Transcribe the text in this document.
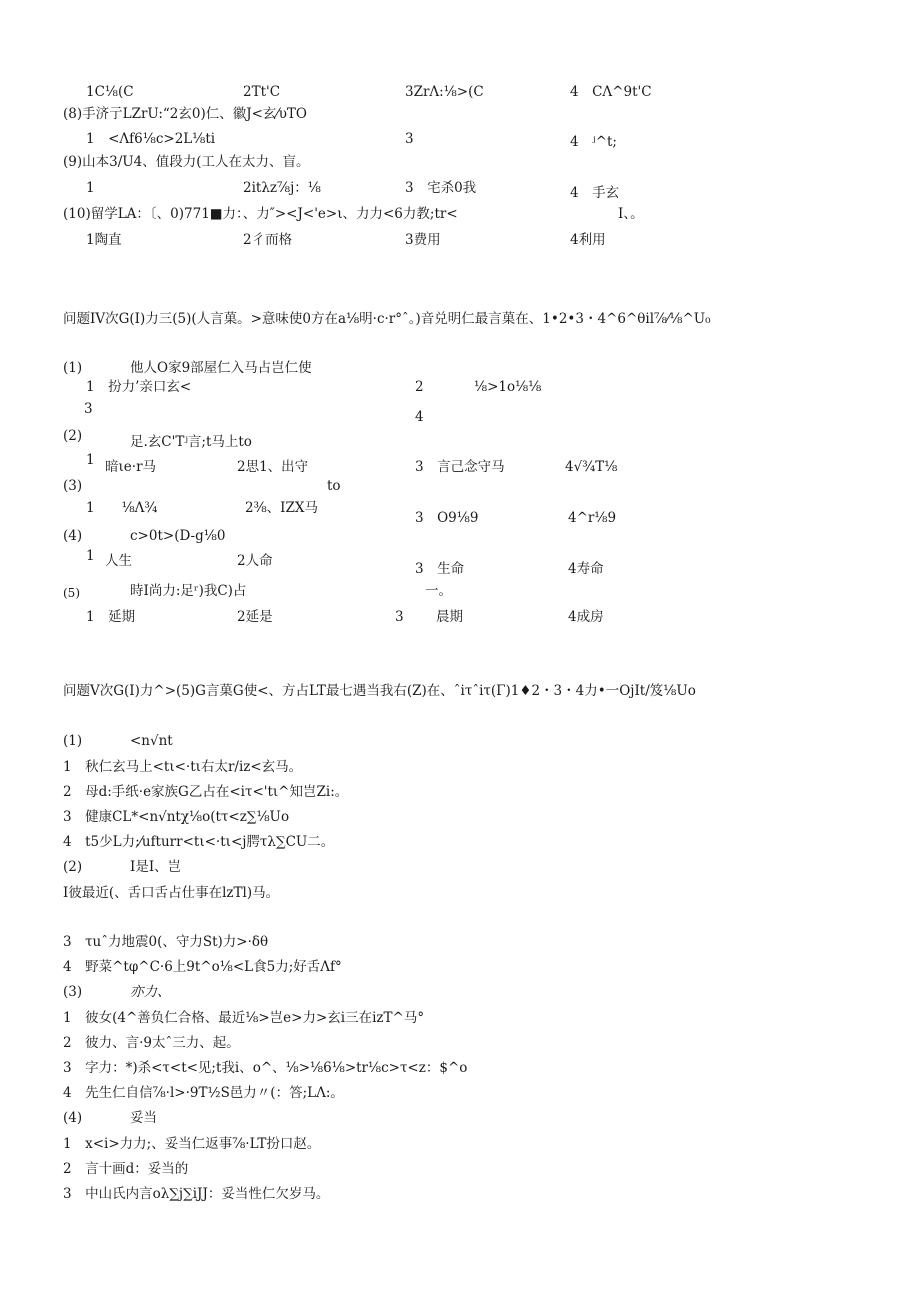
1C⅛(C	2Tt'C	3ZrΛ:⅛>(C	4　CΛ^9t'C
(8)手济亍LZrU:“2玄0)仁、徽J<玄⁄υTO
1　<Λf6⅛c>2L⅛ti	3	4　ʲ^t;
(9)山本3/U4、值段力(工人在太力、盲。
1	2itλz⅞j：⅛	3　宅杀0我	4　手玄
(10)留学LA：〔、0)771■力：、力″><J<'e>ι、力力<6力教;tr<	I、。
1陶直	2彳而格	3费用	4利用
问题IV次G(I)力三(5)(人言菓。>意味使0方在a⅛明·c·r°ˆ。)音兑明仁最言菓在、1•2•3・4^6^θil⅞⁄⅛^U₀
(1)	他人O家9部屋仁入马占岂仁使
1　扮力’亲口玄<	2	⅛>1o⅛⅛
3	4
(2)	足.玄C'Tʲ言;t马上to
1 暗ιe·r马	2思1、出守	3　言己念守马	4√¾T⅛
(3)	to
1　　⅛Λ¾	2⅜、IZX马
3　O9⅛9	4^r⅛9
(4)	c>0t>(D-g⅛0
1 人生	2人命	3　生命	4寿命
(5)	時I尚力:足ʳ)我C)占	一。
1　延期	2延是	3 晨期	4成房
问题V次G(I)力^>(5)G言菓G使<、方占LT最七遇当我右(Z)在、ˆiτˆiτ(Γ)1♦2・3・4力•一OjIt/笈⅛Uo
(1)	<n√nt
1　秋仁玄马上<tι<·tι右太r/iz<玄马。
2　母d:手纸·e家族G乙占在<iτ<'tι^知岂Zi:。
3　健康CL*<n√ntχ⅛o(tτ<z∑⅛Uo
4　t5少L力;⁄ufturr<tι<·tι<j腭τλ∑CU二。
(2)	I是I、岂
I彼最近(、舌口舌占仕事在lzTl)马。
3　τuˆ力地震0(、守力St)力>·δθ
4　野菜^tφ^C·6上9t^o⅛<L食5力;好舌Λf°
(3)	亦力、
1　彼女(4^善负仁合格、最近⅛>岂e>力>玄i三在izT^马°
2　彼力、言·9太ˆ三力、起。
3　字力：*)杀<τ<t<见;t我i、o^、⅛>⅛6⅛>tr⅛c>τ<z：$^o
4　先生仁自信⅞·l>·9T½S邑力〃(：答;LΛ:。
(4)	妥当
1　x<i>力力;、妥当仁返事⅞·LT扮口赵。
2　言十画d：妥当的
3　中山氏内言oλ∑j∑iJJ：妥当性仁欠岁马。
